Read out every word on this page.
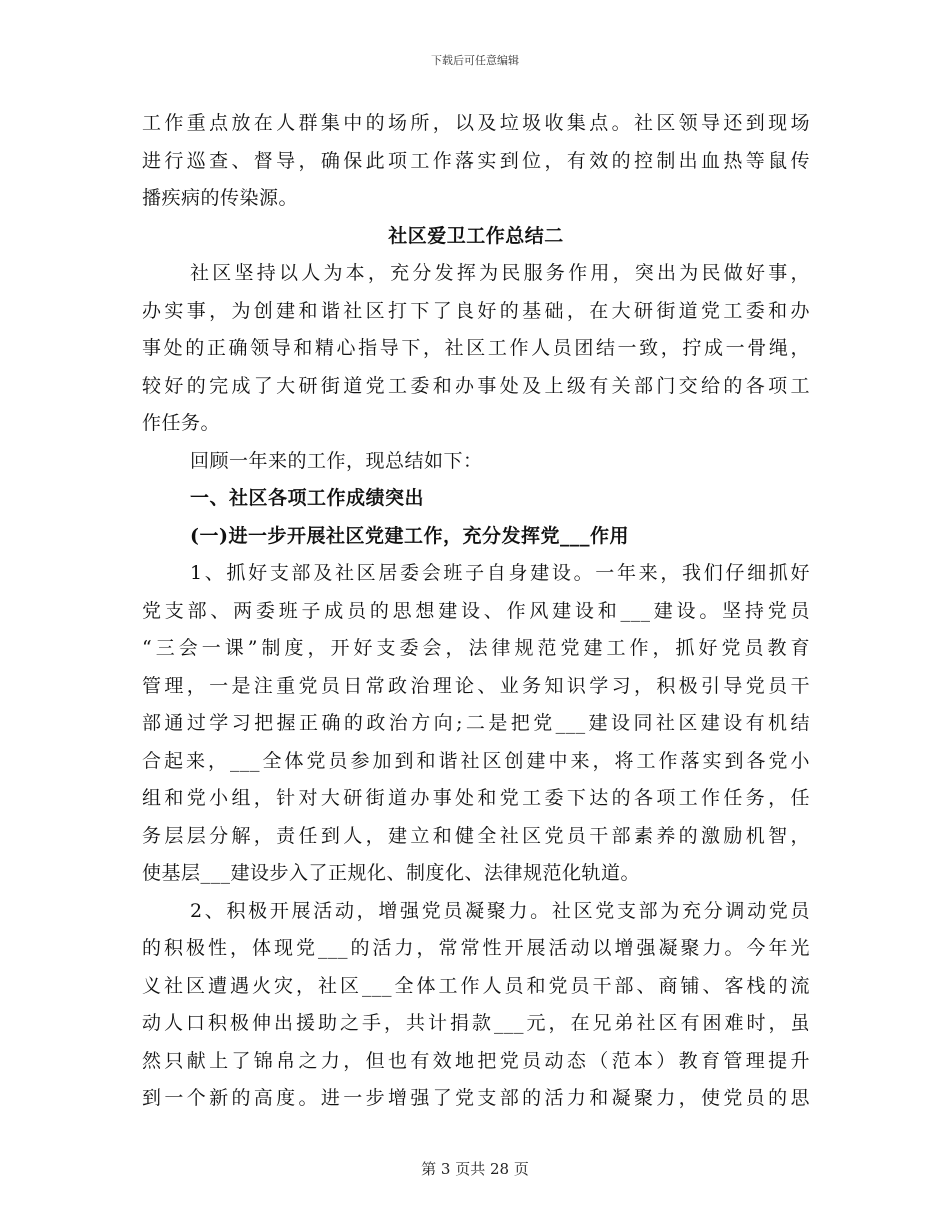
下载后可任意编辑
工作重点放在人群集中的场所，以及垃圾收集点。社区领导还到现场
进行巡查、督导，确保此项工作落实到位，有效的控制出血热等鼠传
播疾病的传染源。
社区爱卫工作总结二
社区坚持以人为本，充分发挥为民服务作用，突出为民做好事，
办实事，为创建和谐社区打下了良好的基础，在大研街道党工委和办
事处的正确领导和精心指导下，社区工作人员团结一致，拧成一骨绳，
较好的完成了大研街道党工委和办事处及上级有关部门交给的各项工
作任务。
回顾一年来的工作，现总结如下：
一、社区各项工作成绩突出
(一)进一步开展社区党建工作，充分发挥党___作用
1、抓好支部及社区居委会班子自身建设。一年来，我们仔细抓好
党支部、两委班子成员的思想建设、作风建设和___建设。坚持党员
“三会一课”制度，开好支委会，法律规范党建工作，抓好党员教育
管理，一是注重党员日常政治理论、业务知识学习，积极引导党员干
部通过学习把握正确的政治方向;二是把党___建设同社区建设有机结
合起来，___全体党员参加到和谐社区创建中来，将工作落实到各党小
组和党小组，针对大研街道办事处和党工委下达的各项工作任务，任
务层层分解，责任到人，建立和健全社区党员干部素养的激励机智，
使基层___建设步入了正规化、制度化、法律规范化轨道。
2、积极开展活动，增强党员凝聚力。社区党支部为充分调动党员
的积极性，体现党___的活力，常常性开展活动以增强凝聚力。今年光
义社区遭遇火灾，社区___全体工作人员和党员干部、商铺、客栈的流
动人口积极伸出援助之手，共计捐款___元，在兄弟社区有困难时，虽
然只献上了锦帛之力，但也有效地把党员动态（范本）教育管理提升
到一个新的高度。进一步增强了党支部的活力和凝聚力，使党员的思
第 3 页共 28 页
